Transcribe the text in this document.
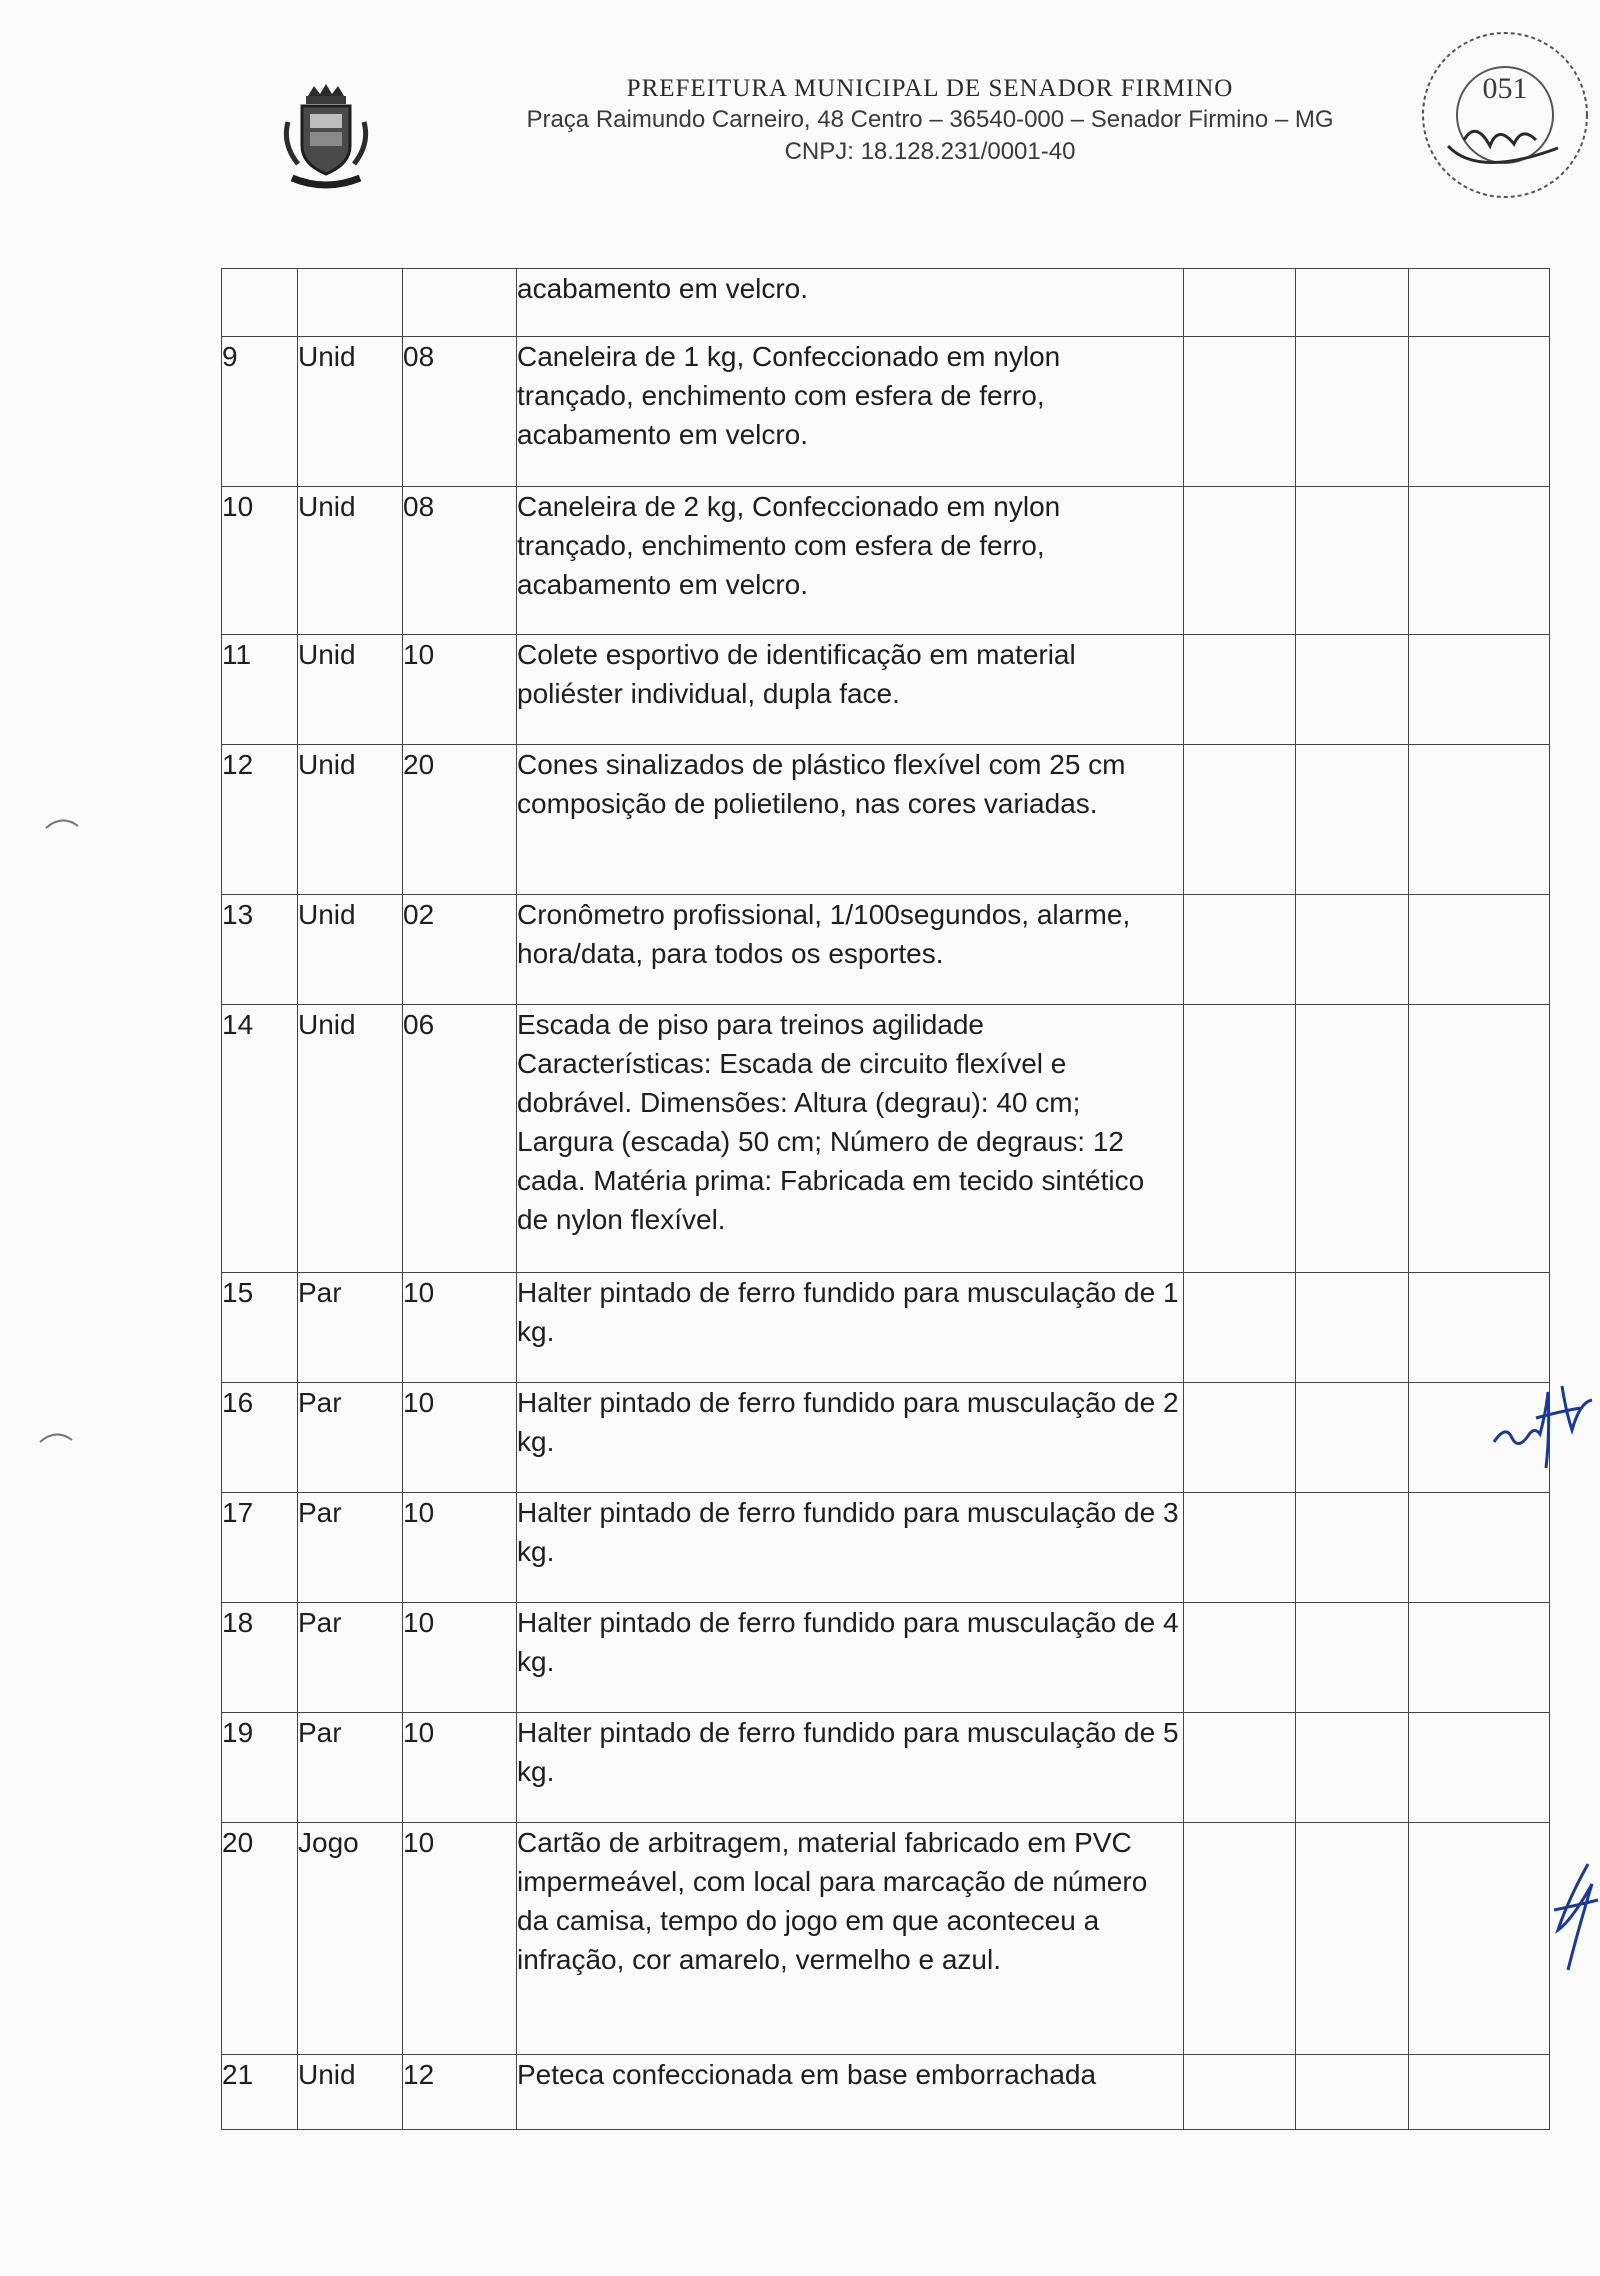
PREFEITURA MUNICIPAL DE SENADOR FIRMINO
Praça Raimundo Carneiro, 48 Centro – 36540-000 – Senador Firmino – MG
CNPJ: 18.128.231/0001-40
051
			acabamento em velcro.			
9	Unid	08	Caneleira de 1 kg, Confeccionado em nylon trançado, enchimento com esfera de ferro, acabamento em velcro.			
10	Unid	08	Caneleira de 2 kg, Confeccionado em nylon trançado, enchimento com esfera de ferro, acabamento em velcro.			
11	Unid	10	Colete esportivo de identificação em material poliéster individual, dupla face.			
12	Unid	20	Cones sinalizados de plástico flexível com 25 cm composição de polietileno, nas cores variadas.			
13	Unid	02	Cronômetro profissional, 1/100segundos, alarme, hora/data, para todos os esportes.			
14	Unid	06	Escada de piso para treinos agilidade Características: Escada de circuito flexível e dobrável. Dimensões: Altura (degrau): 40 cm; Largura (escada) 50 cm; Número de degraus: 12 cada. Matéria prima: Fabricada em tecido sintético de nylon flexível.			
15	Par	10	Halter pintado de ferro fundido para musculação de 1 kg.			
16	Par	10	Halter pintado de ferro fundido para musculação de 2 kg.			
17	Par	10	Halter pintado de ferro fundido para musculação de 3 kg.			
18	Par	10	Halter pintado de ferro fundido para musculação de 4 kg.			
19	Par	10	Halter pintado de ferro fundido para musculação de 5 kg.			
20	Jogo	10	Cartão de arbitragem, material fabricado em PVC impermeável, com local para marcação de número da camisa, tempo do jogo em que aconteceu a infração, cor amarelo, vermelho e azul.			
21	Unid	12	Peteca confeccionada em base emborrachada			
